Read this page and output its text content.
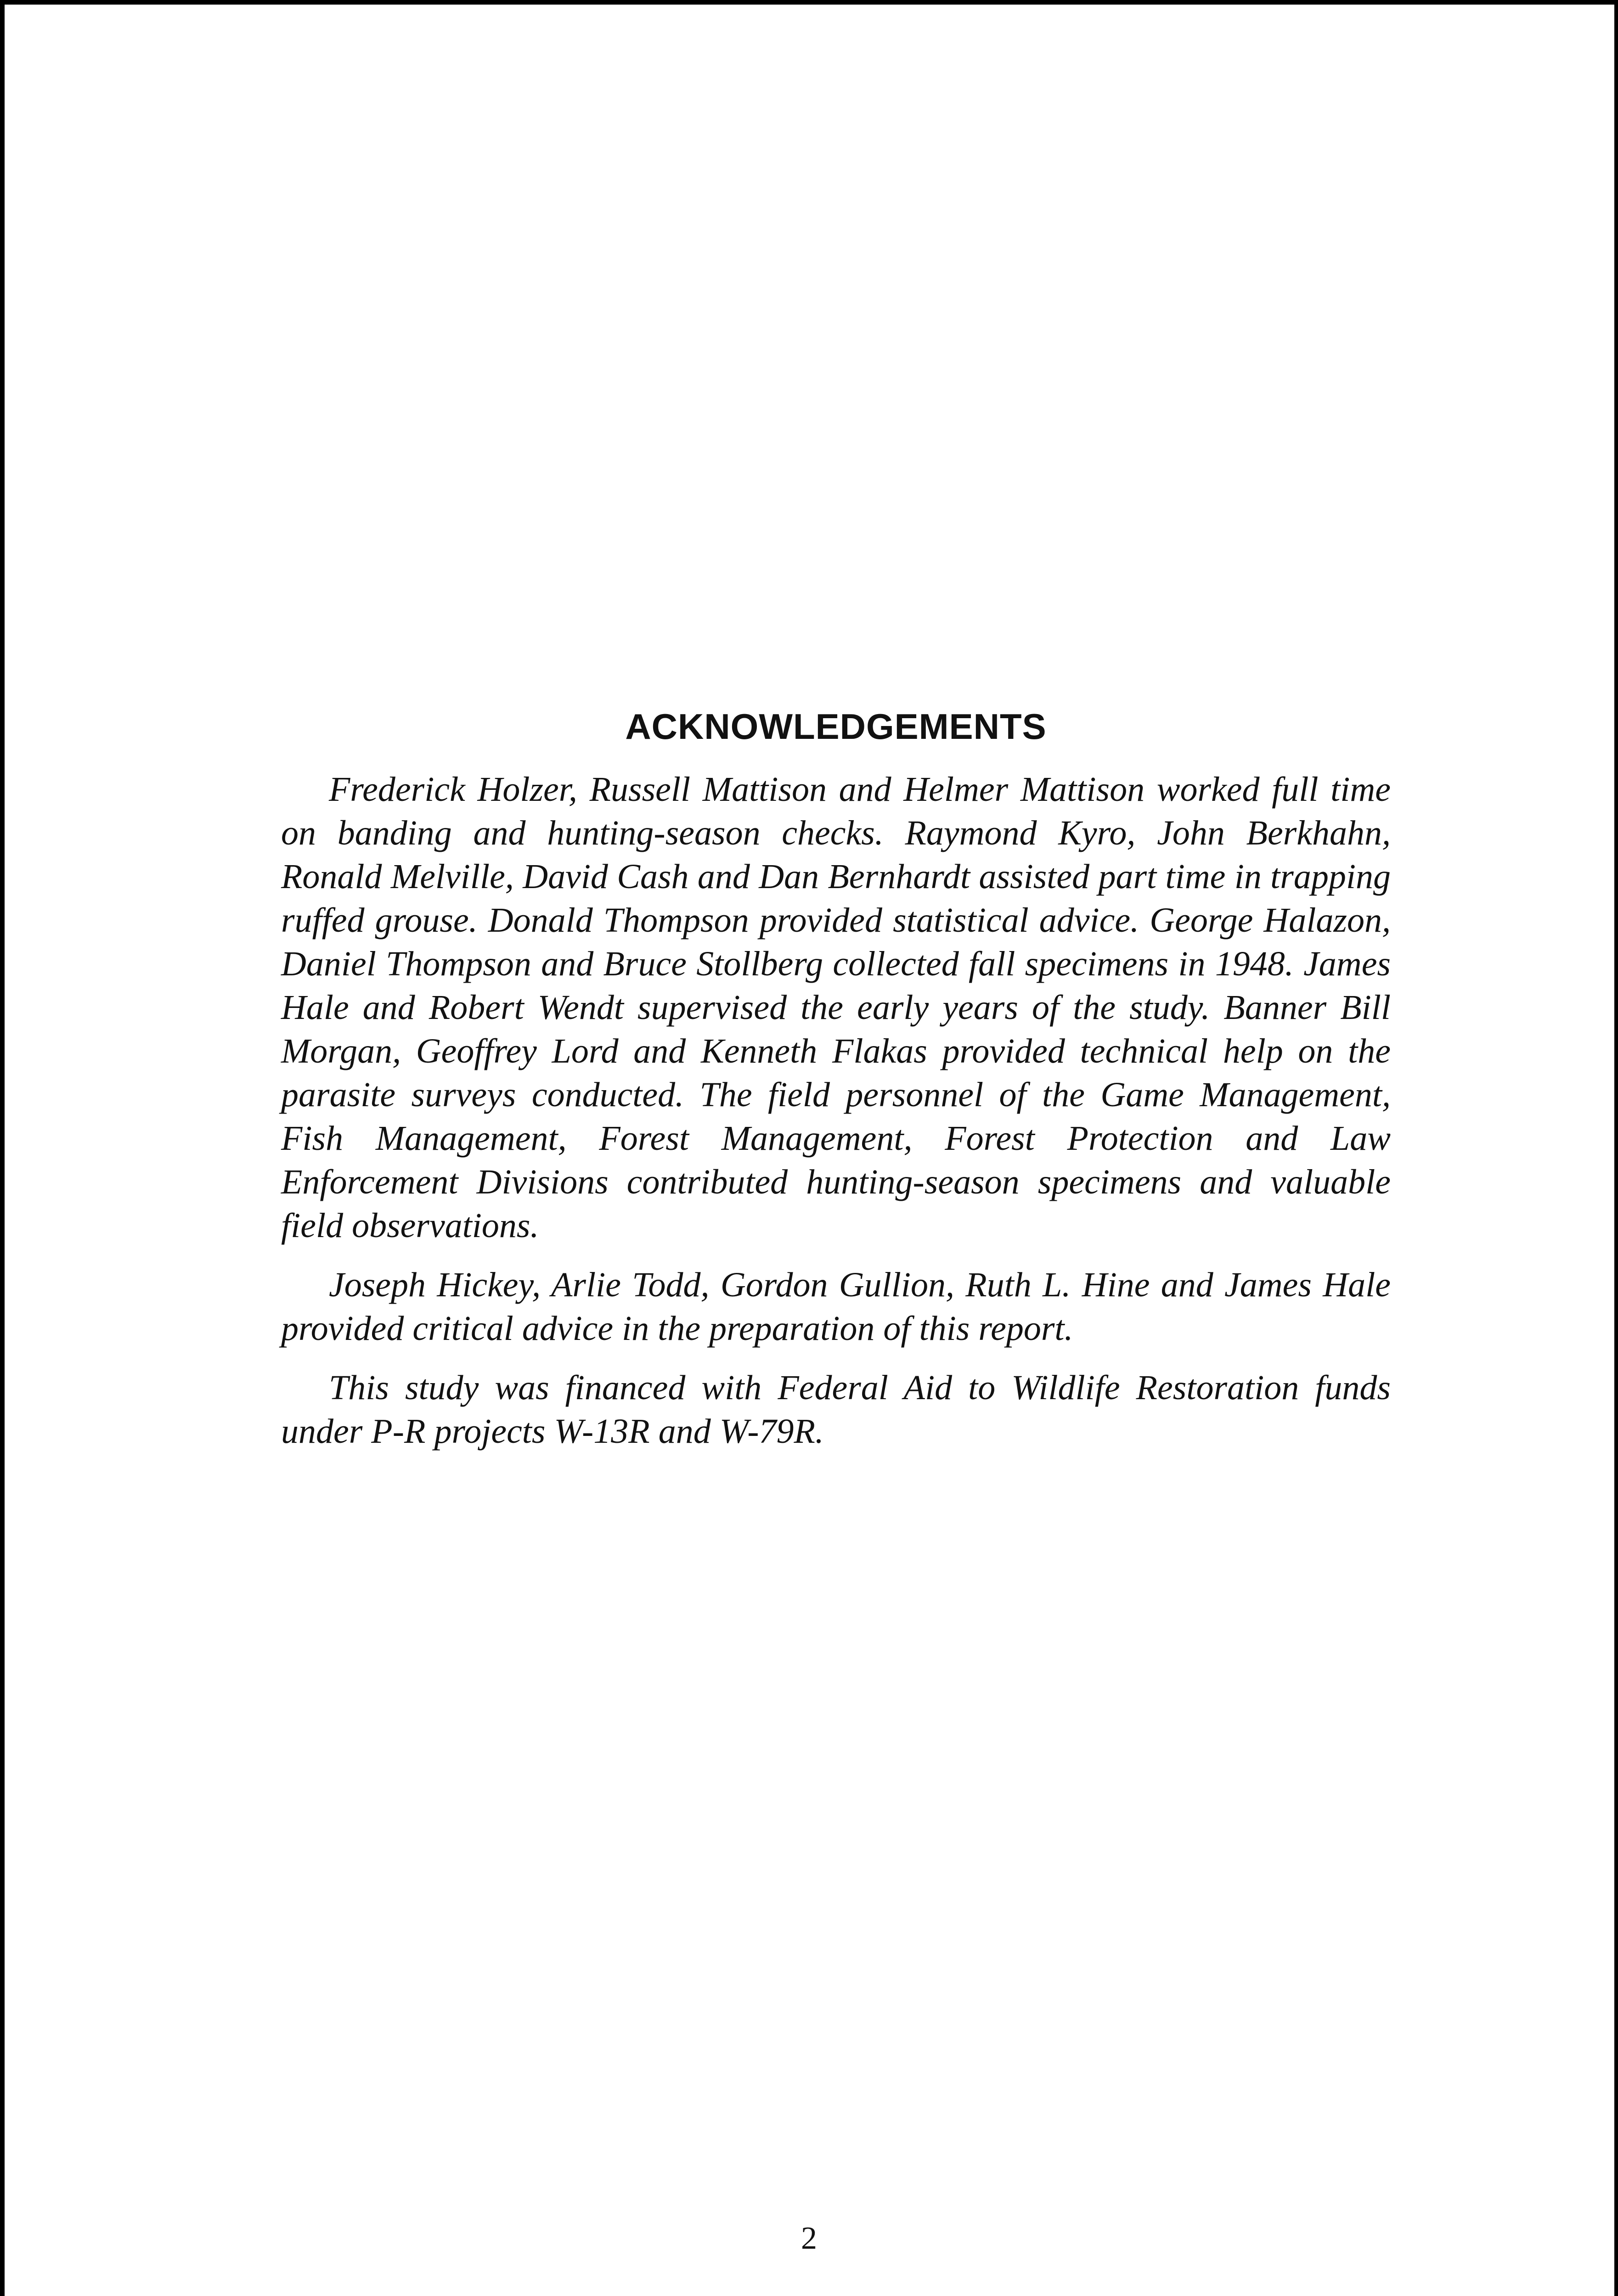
ACKNOWLEDGEMENTS

Frederick Holzer, Russell Mattison and Helmer Mattison worked full time on banding and hunting-season checks. Raymond Kyro, John Berkhahn, Ronald Melville, David Cash and Dan Bernhardt assisted part time in trapping ruffed grouse. Donald Thompson provided statistical advice. George Halazon, Daniel Thompson and Bruce Stollberg collected fall specimens in 1948. James Hale and Robert Wendt supervised the early years of the study. Banner Bill Morgan, Geoffrey Lord and Kenneth Flakas provided technical help on the parasite surveys conducted. The field personnel of the Game Management, Fish Management, Forest Management, Forest Protection and Law Enforcement Divisions contributed hunting-season specimens and valuable field observations.

Joseph Hickey, Arlie Todd, Gordon Gullion, Ruth L. Hine and James Hale provided critical advice in the preparation of this report.

This study was financed with Federal Aid to Wildlife Restoration funds under P-R projects W-13R and W-79R.

2
